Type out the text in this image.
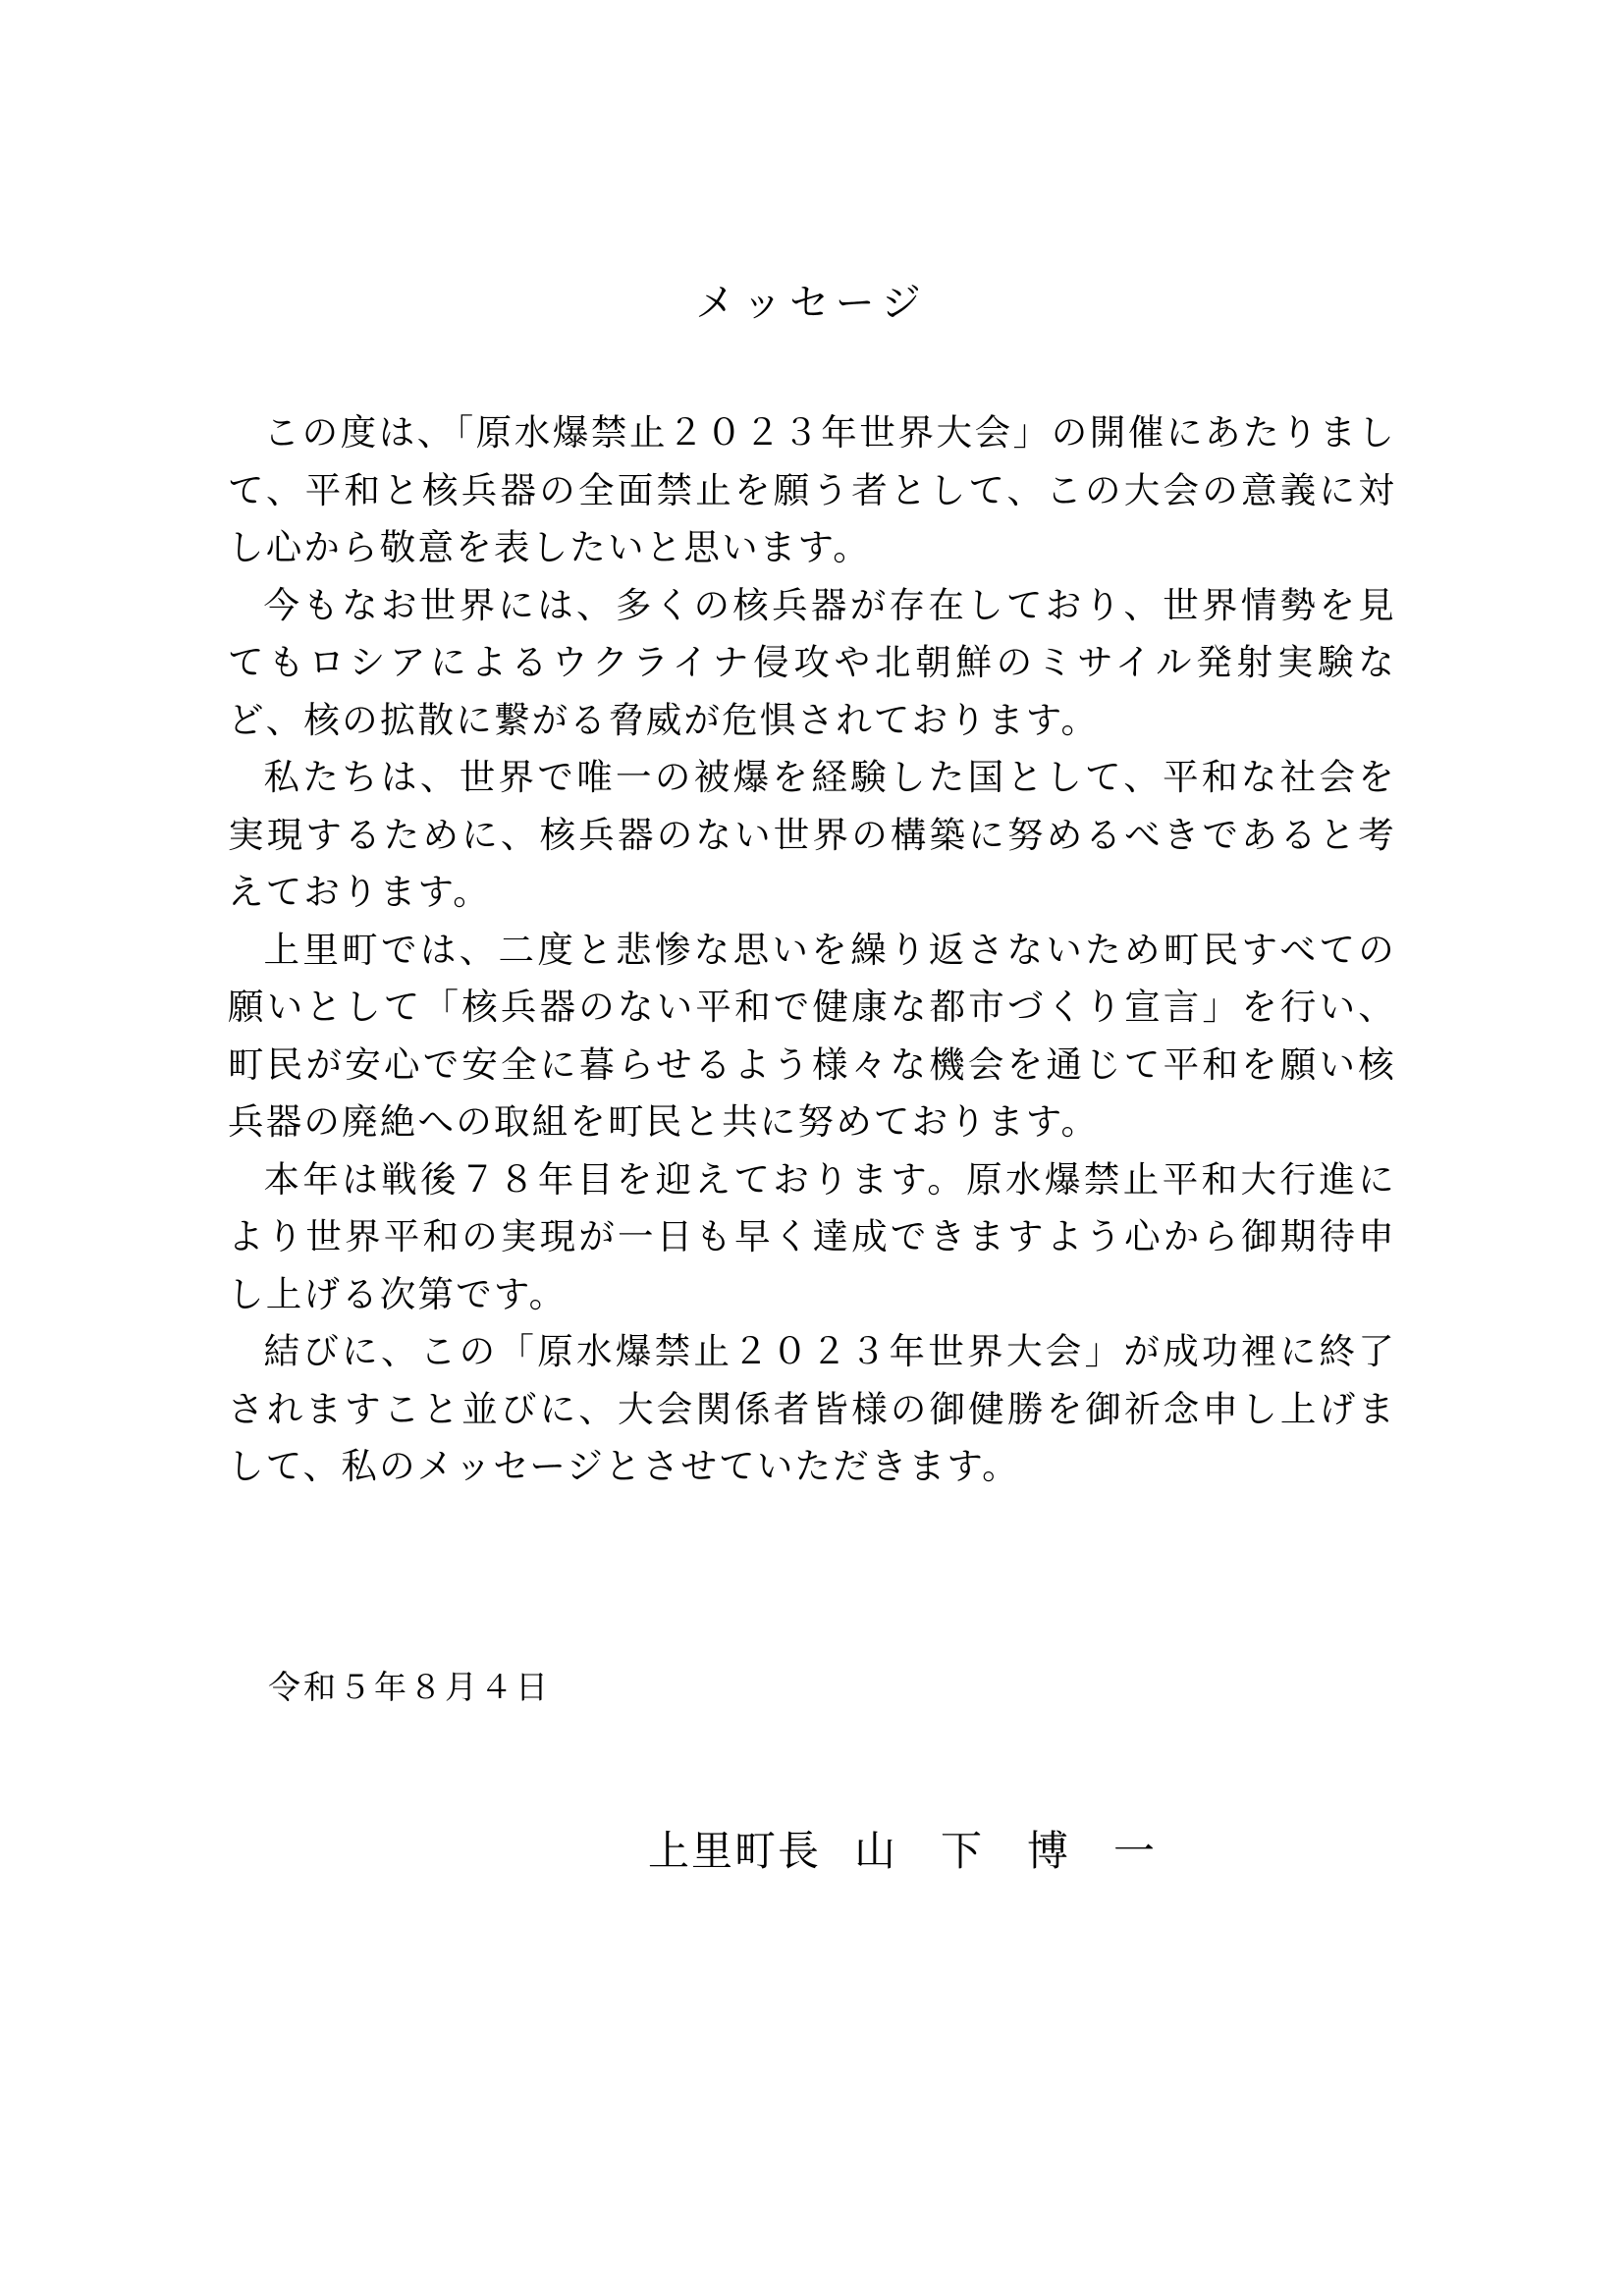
メッセージ

この度は、「原水爆禁止２０２３年世界大会」の開催にあたりまして、平和と核兵器の全面禁止を願う者として、この大会の意義に対し心から敬意を表したいと思います。

今もなお世界には、多くの核兵器が存在しており、世界情勢を見てもロシアによるウクライナ侵攻や北朝鮮のミサイル発射実験など、核の拡散に繋がる脅威が危惧されております。

私たちは、世界で唯一の被爆を経験した国として、平和な社会を実現するために、核兵器のない世界の構築に努めるべきであると考えております。

上里町では、二度と悲惨な思いを繰り返さないため町民すべての願いとして「核兵器のない平和で健康な都市づくり宣言」を行い、町民が安心で安全に暮らせるよう様々な機会を通じて平和を願い核兵器の廃絶への取組を町民と共に努めております。

本年は戦後７８年目を迎えております。原水爆禁止平和大行進により世界平和の実現が一日も早く達成できますよう心から御期待申し上げる次第です。

結びに、この「原水爆禁止２０２３年世界大会」が成功裡に終了されますこと並びに、大会関係者皆様の御健勝を御祈念申し上げまして、私のメッセージとさせていただきます。

令和５年８月４日
上里町長 山下博一
